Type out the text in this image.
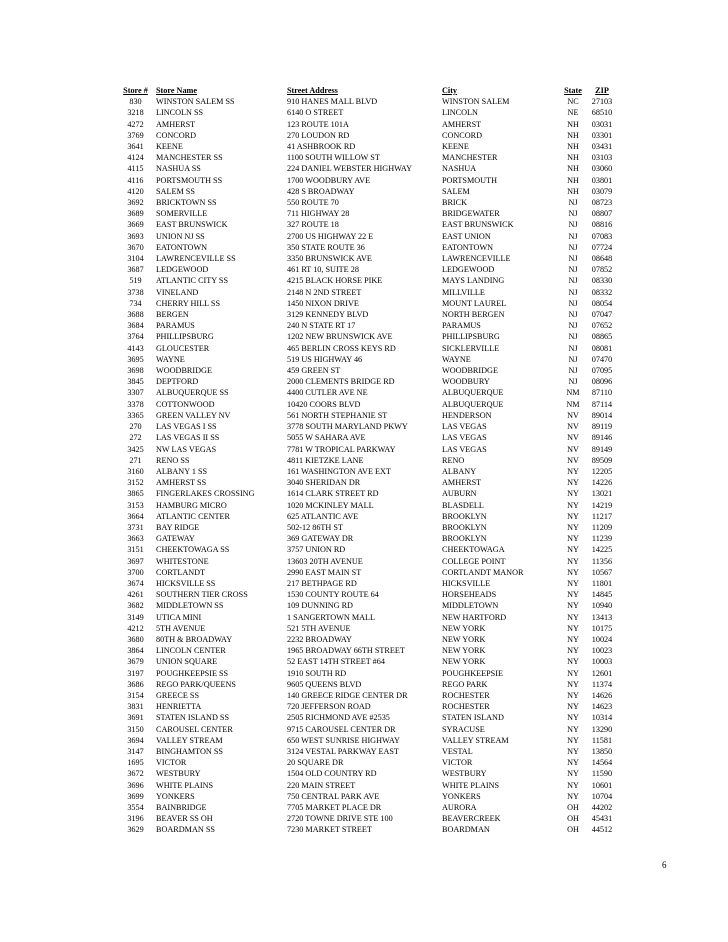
Store #	Store Name	Street Address	City	State	ZIP
830	WINSTON SALEM SS	910 HANES MALL BLVD	WINSTON SALEM	NC	27103
3218	LINCOLN SS	6140 O STREET	LINCOLN	NE	68510
4272	AMHERST	123 ROUTE 101A	AMHERST	NH	03031
3769	CONCORD	270 LOUDON RD	CONCORD	NH	03301
3641	KEENE	41 ASHBROOK RD	KEENE	NH	03431
4124	MANCHESTER SS	1100 SOUTH WILLOW ST	MANCHESTER	NH	03103
4115	NASHUA SS	224 DANIEL WEBSTER HIGHWAY	NASHUA	NH	03060
4116	PORTSMOUTH SS	1700 WOODBURY AVE	PORTSMOUTH	NH	03801
4120	SALEM SS	428 S BROADWAY	SALEM	NH	03079
3692	BRICKTOWN SS	550 ROUTE 70	BRICK	NJ	08723
3689	SOMERVILLE	711 HIGHWAY 28	BRIDGEWATER	NJ	08807
3669	EAST BRUNSWICK	327 ROUTE 18	EAST BRUNSWICK	NJ	08816
3693	UNION NJ SS	2700 US HIGHWAY 22 E	EAST UNION	NJ	07083
3670	EATONTOWN	350 STATE ROUTE 36	EATONTOWN	NJ	07724
3104	LAWRENCEVILLE SS	3350 BRUNSWICK AVE	LAWRENCEVILLE	NJ	08648
3687	LEDGEWOOD	461 RT 10, SUITE 28	LEDGEWOOD	NJ	07852
519	ATLANTIC CITY SS	4215 BLACK HORSE PIKE	MAYS LANDING	NJ	08330
3738	VINELAND	2148 N 2ND STREET	MILLVILLE	NJ	08332
734	CHERRY HILL SS	1450 NIXON DRIVE	MOUNT LAUREL	NJ	08054
3688	BERGEN	3129 KENNEDY BLVD	NORTH BERGEN	NJ	07047
3684	PARAMUS	240 N STATE RT 17	PARAMUS	NJ	07652
3764	PHILLIPSBURG	1202 NEW BRUNSWICK AVE	PHILLIPSBURG	NJ	08865
4143	GLOUCESTER	465 BERLIN CROSS KEYS RD	SICKLERVILLE	NJ	08081
3695	WAYNE	519 US HIGHWAY 46	WAYNE	NJ	07470
3698	WOODBRIDGE	459 GREEN ST	WOODBRIDGE	NJ	07095
3845	DEPTFORD	2000 CLEMENTS BRIDGE RD	WOODBURY	NJ	08096
3307	ALBUQUERQUE SS	4400 CUTLER AVE NE	ALBUQUERQUE	NM	87110
3378	COTTONWOOD	10420 COORS BLVD	ALBUQUERQUE	NM	87114
3365	GREEN VALLEY NV	561 NORTH STEPHANIE ST	HENDERSON	NV	89014
270	LAS VEGAS I SS	3778 SOUTH MARYLAND PKWY	LAS VEGAS	NV	89119
272	LAS VEGAS II SS	5055 W SAHARA AVE	LAS VEGAS	NV	89146
3425	NW LAS VEGAS	7781 W TROPICAL PARKWAY	LAS VEGAS	NV	89149
271	RENO SS	4811 KIETZKE LANE	RENO	NV	89509
3160	ALBANY 1 SS	161 WASHINGTON AVE EXT	ALBANY	NY	12205
3152	AMHERST SS	3040 SHERIDAN DR	AMHERST	NY	14226
3865	FINGERLAKES CROSSING	1614 CLARK STREET RD	AUBURN	NY	13021
3153	HAMBURG MICRO	1020 MCKINLEY MALL	BLASDELL	NY	14219
3664	ATLANTIC CENTER	625 ATLANTIC AVE	BROOKLYN	NY	11217
3731	BAY RIDGE	502-12 86TH ST	BROOKLYN	NY	11209
3663	GATEWAY	369 GATEWAY DR	BROOKLYN	NY	11239
3151	CHEEKTOWAGA SS	3757 UNION RD	CHEEKTOWAGA	NY	14225
3697	WHITESTONE	13603 20TH AVENUE	COLLEGE POINT	NY	11356
3700	CORTLANDT	2990 EAST MAIN ST	CORTLANDT MANOR	NY	10567
3674	HICKSVILLE SS	217 BETHPAGE RD	HICKSVILLE	NY	11801
4261	SOUTHERN TIER CROSS	1530 COUNTY ROUTE 64	HORSEHEADS	NY	14845
3682	MIDDLETOWN SS	109 DUNNING RD	MIDDLETOWN	NY	10940
3149	UTICA MINI	1 SANGERTOWN MALL	NEW HARTFORD	NY	13413
4212	5TH AVENUE	521 5TH AVENUE	NEW YORK	NY	10175
3680	80TH & BROADWAY	2232 BROADWAY	NEW YORK	NY	10024
3864	LINCOLN CENTER	1965 BROADWAY 66TH STREET	NEW YORK	NY	10023
3679	UNION SQUARE	52 EAST 14TH STREET #64	NEW YORK	NY	10003
3197	POUGHKEEPSIE SS	1910 SOUTH RD	POUGHKEEPSIE	NY	12601
3686	REGO PARK/QUEENS	9605 QUEENS BLVD	REGO PARK	NY	11374
3154	GREECE SS	140 GREECE RIDGE CENTER DR	ROCHESTER	NY	14626
3831	HENRIETTA	720 JEFFERSON ROAD	ROCHESTER	NY	14623
3691	STATEN ISLAND SS	2505 RICHMOND AVE #2535	STATEN ISLAND	NY	10314
3150	CAROUSEL CENTER	9715 CAROUSEL CENTER DR	SYRACUSE	NY	13290
3694	VALLEY STREAM	650 WEST SUNRISE HIGHWAY	VALLEY STREAM	NY	11581
3147	BINGHAMTON SS	3124 VESTAL PARKWAY EAST	VESTAL	NY	13850
1695	VICTOR	20 SQUARE DR	VICTOR	NY	14564
3672	WESTBURY	1504 OLD COUNTRY RD	WESTBURY	NY	11590
3696	WHITE PLAINS	220 MAIN STREET	WHITE PLAINS	NY	10601
3699	YONKERS	750 CENTRAL PARK AVE	YONKERS	NY	10704
3554	BAINBRIDGE	7705 MARKET PLACE DR	AURORA	OH	44202
3196	BEAVER SS OH	2720 TOWNE DRIVE STE 100	BEAVERCREEK	OH	45431
3629	BOARDMAN SS	7230 MARKET STREET	BOARDMAN	OH	44512
6
